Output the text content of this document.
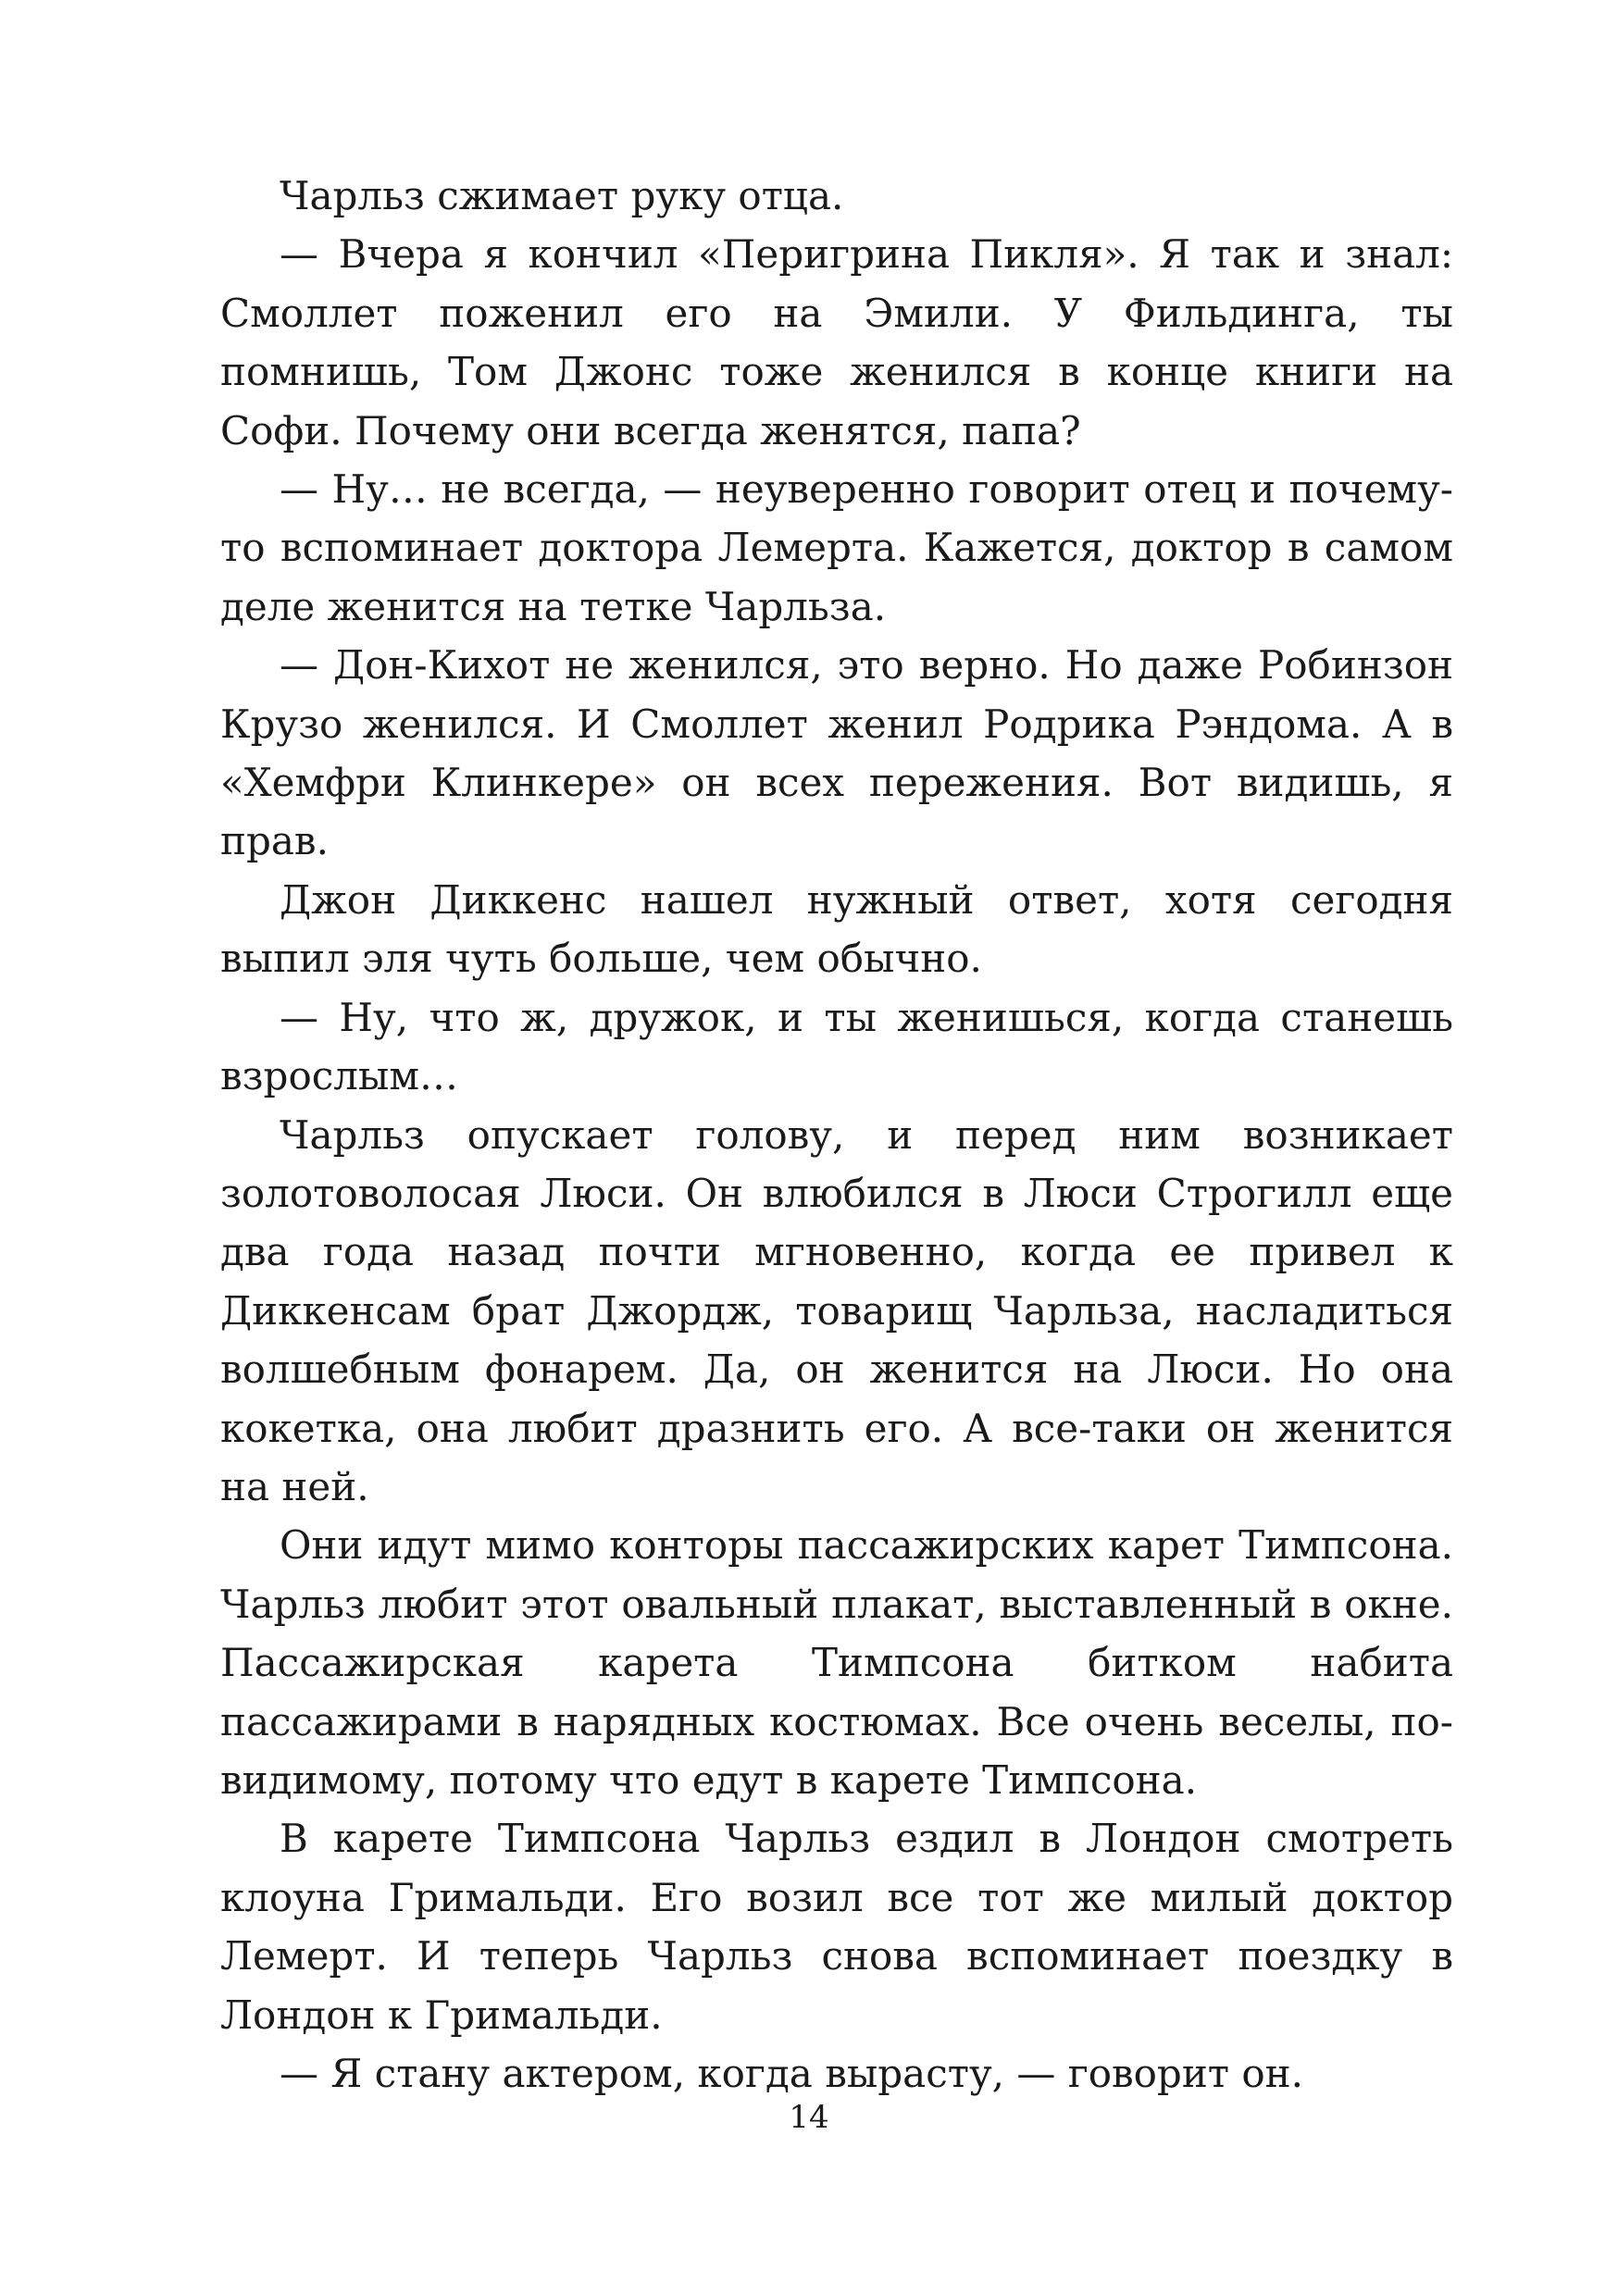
Чарльз сжимает руку отца.

— Вчера я кончил «Перигрина Пикля». Я так и знал: Смоллет поженил его на Эмили. У Фильдинга, ты помнишь, Том Джонс тоже женился в конце книги на Софи. Почему они всегда женятся, папа?

— Ну… не всегда, — неуверенно говорит отец и почему-то вспоминает доктора Лемерта. Кажется, доктор в самом деле женится на тетке Чарльза.

— Дон-Кихот не женился, это верно. Но даже Робинзон Крузо женился. И Смоллет женил Родрика Рэндома. А в «Хемфри Клинкере» он всех пережения. Вот видишь, я прав.

Джон Диккенс нашел нужный ответ, хотя сегодня выпил эля чуть больше, чем обычно.

— Ну, что ж, дружок, и ты женишься, когда станешь взрослым…

Чарльз опускает голову, и перед ним возникает золотоволосая Люси. Он влюбился в Люси Строгилл еще два года назад почти мгновенно, когда ее привел к Диккенсам брат Джордж, товарищ Чарльза, насладиться волшебным фонарем. Да, он женится на Люси. Но она кокетка, она любит дразнить его. А все-таки он женится на ней.

Они идут мимо конторы пассажирских карет Тимпсона. Чарльз любит этот овальный плакат, выставленный в окне. Пассажирская карета Тимпсона битком набита пассажирами в нарядных костюмах. Все очень веселы, по-видимому, потому что едут в карете Тимпсона.

В карете Тимпсона Чарльз ездил в Лондон смотреть клоуна Гримальди. Его возил все тот же милый доктор Лемерт. И теперь Чарльз снова вспоминает поездку в Лондон к Гримальди.

— Я стану актером, когда вырасту, — говорит он.

14
